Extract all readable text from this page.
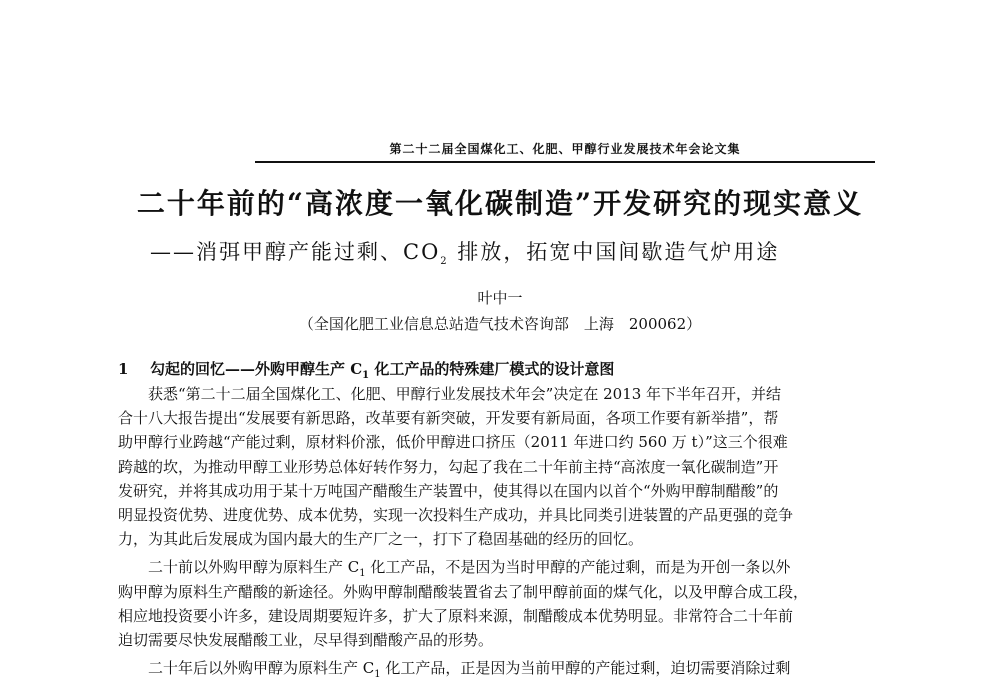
第二十二届全国煤化工、化肥、甲醇行业发展技术年会论文集
二十年前的“高浓度一氧化碳制造”开发研究的现实意义
——消弭甲醇产能过剩、$CO_2$ 排放，拓宽中国间歇造气炉用途
叶中一
（全国化肥工业信息总站造气技术咨询部　上海　200062）
1 勾起的回忆——外购甲醇生产 $C_1$ 化工产品的特殊建厂模式的设计意图
获悉“第二十二届全国煤化工、化肥、甲醇行业发展技术年会”决定在 2013 年下半年召开，并结
合十八大报告提出“发展要有新思路，改革要有新突破，开发要有新局面，各项工作要有新举措”，帮
助甲醇行业跨越“产能过剩，原材料价涨，低价甲醇进口挤压（2011 年进口约 560 万 t）”这三个很难
跨越的坎，为推动甲醇工业形势总体好转作努力，勾起了我在二十年前主持“高浓度一氧化碳制造”开
发研究，并将其成功用于某十万吨国产醋酸生产装置中，使其得以在国内以首个“外购甲醇制醋酸”的
明显投资优势、进度优势、成本优势，实现一次投料生产成功，并具比同类引进装置的产品更强的竞争
力，为其此后发展成为国内最大的生产厂之一，打下了稳固基础的经历的回忆。
二十前以外购甲醇为原料生产 $C_1$ 化工产品，不是因为当时甲醇的产能过剩，而是为开创一条以外
购甲醇为原料生产醋酸的新途径。外购甲醇制醋酸装置省去了制甲醇前面的煤气化，以及甲醇合成工段，
相应地投资要小许多，建设周期要短许多，扩大了原料来源，制醋酸成本优势明显。非常符合二十年前
迫切需要尽快发展醋酸工业，尽早得到醋酸产品的形势。
二十年后以外购甲醇为原料生产 $C_1$ 化工产品，正是因为当前甲醇的产能过剩，迫切需要消除过剩
